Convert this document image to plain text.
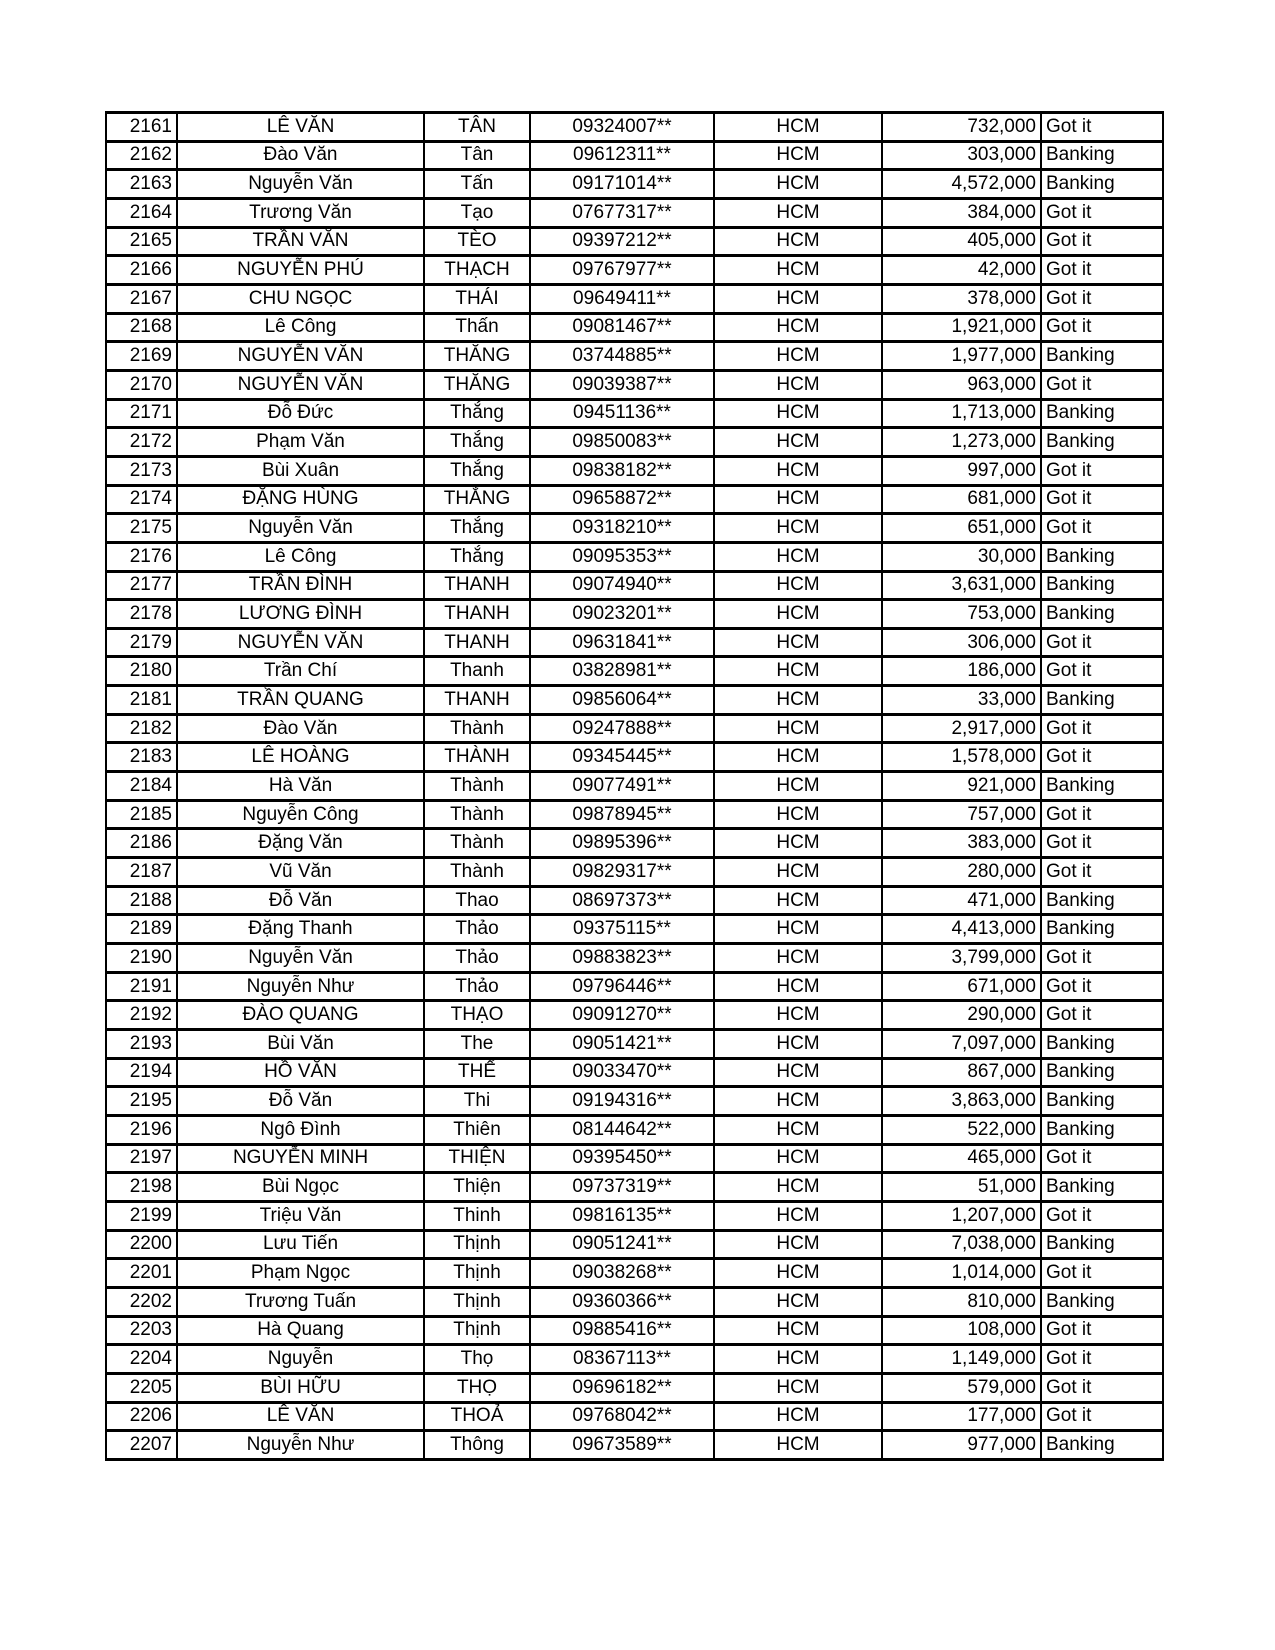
2161	LÊ VĂN	TÂN	09324007**	HCM	732,000	Got it
2162	Đào Văn	Tân	09612311**	HCM	303,000	Banking
2163	Nguyễn Văn	Tấn	09171014**	HCM	4,572,000	Banking
2164	Trương Văn	Tạo	07677317**	HCM	384,000	Got it
2165	TRẦN VĂN	TÈO	09397212**	HCM	405,000	Got it
2166	NGUYỄN PHÚ	THẠCH	09767977**	HCM	42,000	Got it
2167	CHU NGỌC	THÁI	09649411**	HCM	378,000	Got it
2168	Lê Công	Thấn	09081467**	HCM	1,921,000	Got it
2169	NGUYỄN VĂN	THĂNG	03744885**	HCM	1,977,000	Banking
2170	NGUYỄN VĂN	THĂNG	09039387**	HCM	963,000	Got it
2171	Đỗ Đức	Thắng	09451136**	HCM	1,713,000	Banking
2172	Phạm Văn	Thắng	09850083**	HCM	1,273,000	Banking
2173	Bùi Xuân	Thắng	09838182**	HCM	997,000	Got it
2174	ĐẶNG HÙNG	THẮNG	09658872**	HCM	681,000	Got it
2175	Nguyễn Văn	Thắng	09318210**	HCM	651,000	Got it
2176	Lê Công	Thắng	09095353**	HCM	30,000	Banking
2177	TRẦN ĐÌNH	THANH	09074940**	HCM	3,631,000	Banking
2178	LƯƠNG ĐÌNH	THANH	09023201**	HCM	753,000	Banking
2179	NGUYỄN VĂN	THANH	09631841**	HCM	306,000	Got it
2180	Trần Chí	Thanh	03828981**	HCM	186,000	Got it
2181	TRẦN QUANG	THANH	09856064**	HCM	33,000	Banking
2182	Đào Văn	Thành	09247888**	HCM	2,917,000	Got it
2183	LÊ HOÀNG	THÀNH	09345445**	HCM	1,578,000	Got it
2184	Hà Văn	Thành	09077491**	HCM	921,000	Banking
2185	Nguyễn Công	Thành	09878945**	HCM	757,000	Got it
2186	Đặng Văn	Thành	09895396**	HCM	383,000	Got it
2187	Vũ Văn	Thành	09829317**	HCM	280,000	Got it
2188	Đỗ Văn	Thao	08697373**	HCM	471,000	Banking
2189	Đặng Thanh	Thảo	09375115**	HCM	4,413,000	Banking
2190	Nguyễn Văn	Thảo	09883823**	HCM	3,799,000	Got it
2191	Nguyễn Như	Thảo	09796446**	HCM	671,000	Got it
2192	ĐÀO QUANG	THẠO	09091270**	HCM	290,000	Got it
2193	Bùi Văn	The	09051421**	HCM	7,097,000	Banking
2194	HỒ VĂN	THẾ	09033470**	HCM	867,000	Banking
2195	Đỗ Văn	Thi	09194316**	HCM	3,863,000	Banking
2196	Ngô Đình	Thiên	08144642**	HCM	522,000	Banking
2197	NGUYỄN MINH	THIỆN	09395450**	HCM	465,000	Got it
2198	Bùi Ngọc	Thiện	09737319**	HCM	51,000	Banking
2199	Triệu Văn	Thinh	09816135**	HCM	1,207,000	Got it
2200	Lưu Tiến	Thịnh	09051241**	HCM	7,038,000	Banking
2201	Phạm Ngọc	Thịnh	09038268**	HCM	1,014,000	Got it
2202	Trương Tuấn	Thịnh	09360366**	HCM	810,000	Banking
2203	Hà Quang	Thịnh	09885416**	HCM	108,000	Got it
2204	Nguyễn	Thọ	08367113**	HCM	1,149,000	Got it
2205	BÙI HỮU	THỌ	09696182**	HCM	579,000	Got it
2206	LÊ VĂN	THOẢ	09768042**	HCM	177,000	Got it
2207	Nguyễn Như	Thông	09673589**	HCM	977,000	Banking
